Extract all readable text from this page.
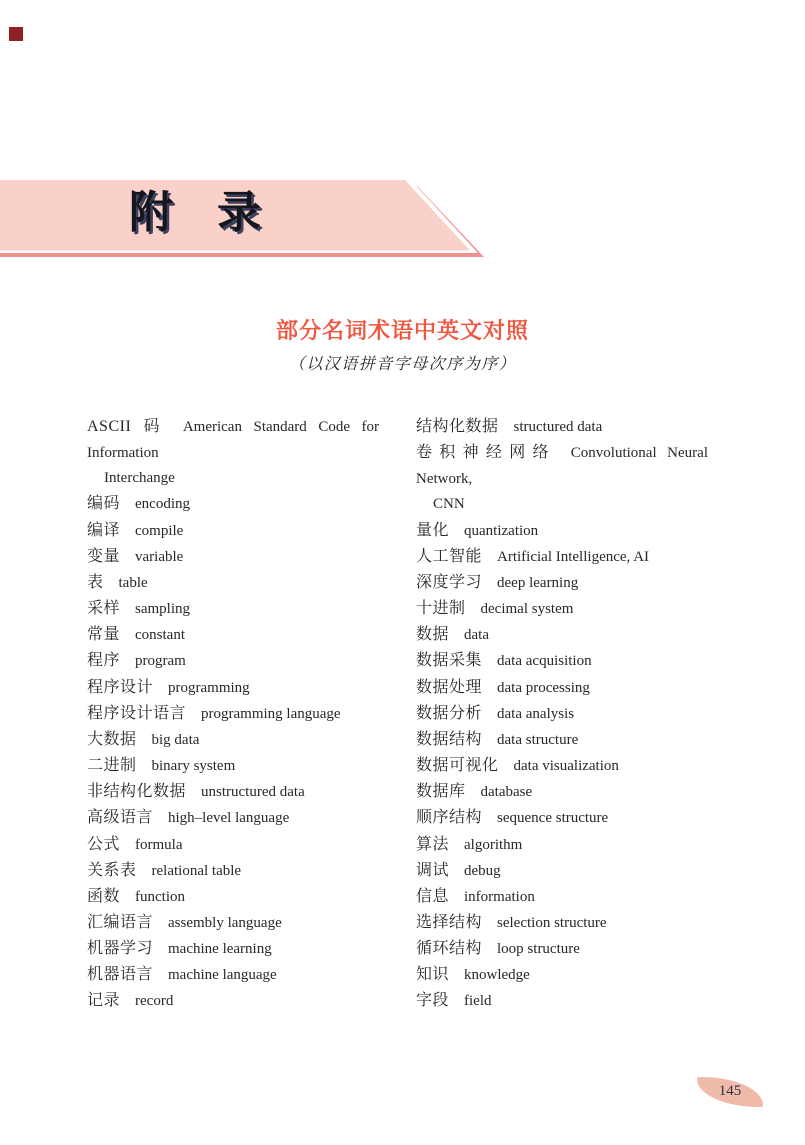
附　录
部分名词术语中英文对照
（以汉语拼音字母次序为序）
ASCII 码 American Standard Code for Information
Interchange
编码 encoding
编译 compile
变量 variable
表 table
采样 sampling
常量 constant
程序 program
程序设计 programming
程序设计语言 programming language
大数据 big data
二进制 binary system
非结构化数据 unstructured data
高级语言 high–level language
公式 formula
关系表 relational table
函数 function
汇编语言 assembly language
机器学习 machine learning
机器语言 machine language
记录 record
结构化数据 structured data
卷积神经网络 Convolutional Neural Network,
CNN
量化 quantization
人工智能 Artificial Intelligence, AI
深度学习 deep learning
十进制 decimal system
数据 data
数据采集 data acquisition
数据处理 data processing
数据分析 data analysis
数据结构 data structure
数据可视化 data visualization
数据库 database
顺序结构 sequence structure
算法 algorithm
调试 debug
信息 information
选择结构 selection structure
循环结构 loop structure
知识 knowledge
字段 field
145
